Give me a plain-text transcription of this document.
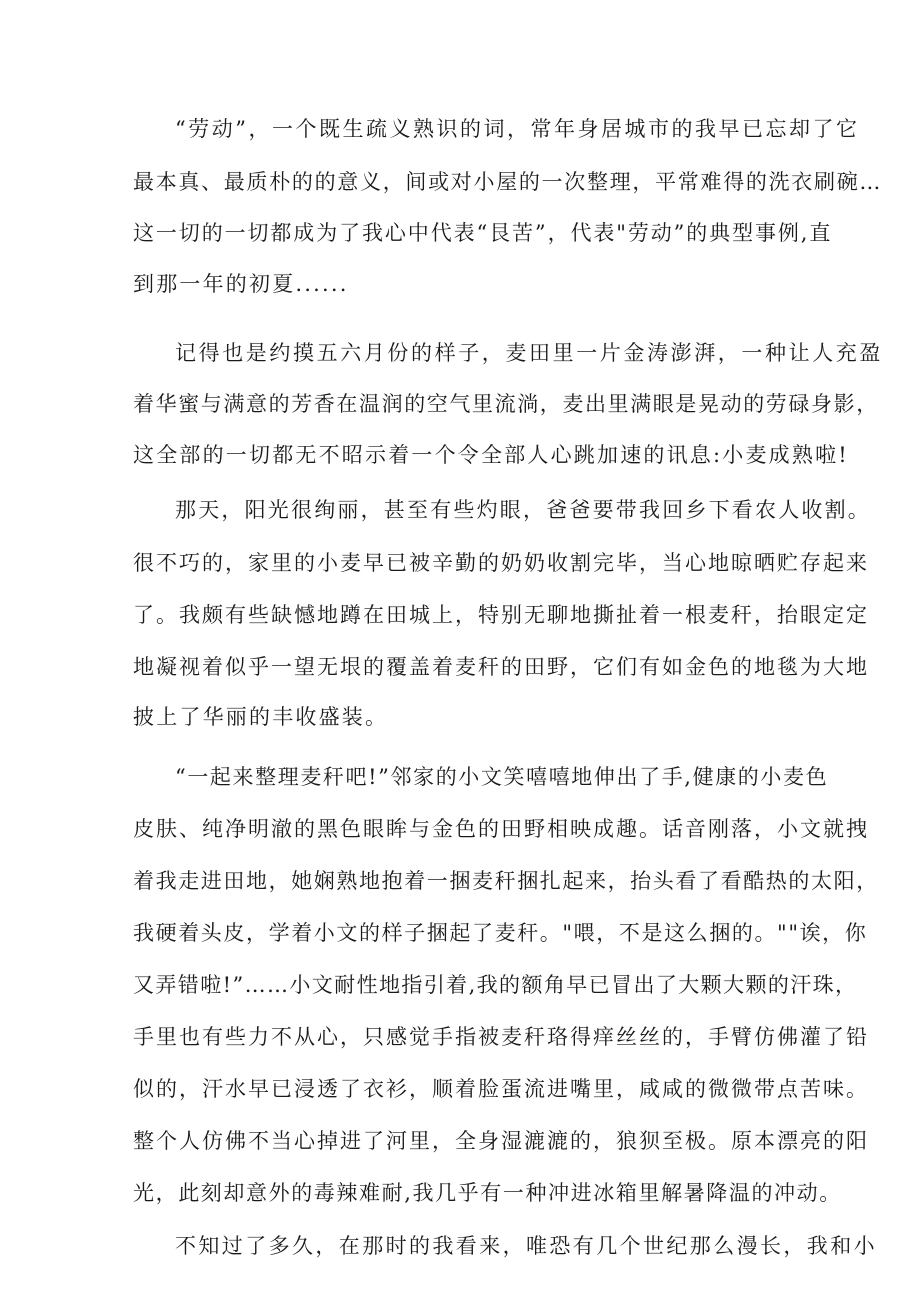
“劳动”，一个既生疏义熟识的词，常年身居城市的我早已忘却了它
最本真、最质朴的的意义，间或对小屋的一次整理，平常难得的洗衣刷碗…
这一切的一切都成为了我心中代表“艮苦”，代表"劳动”的典型事例,直
到那一年的初夏......
记得也是约摸五六月份的样子，麦田里一片金涛澎湃，一种让人充盈
着华蜜与满意的芳香在温润的空气里流淌，麦出里满眼是晃动的劳碌身影，
这全部的一切都无不昭示着一个令全部人心跳加速的讯息:小麦成熟啦!
那天，阳光很绚丽，甚至有些灼眼，爸爸要带我回乡下看农人收割。
很不巧的，家里的小麦早已被辛勤的奶奶收割完毕，当心地晾晒贮存起来
了。我颇有些缺憾地蹲在田城上，特别无聊地撕扯着一根麦秆，抬眼定定
地凝视着似乎一望无垠的覆盖着麦秆的田野，它们有如金色的地毯为大地
披上了华丽的丰收盛装。
“一起来整理麦秆吧!”邻家的小文笑嘻嘻地伸出了手,健康的小麦色
皮肤、纯净明澈的黑色眼眸与金色的田野相映成趣。话音刚落，小文就拽
着我走进田地，她娴熟地抱着一捆麦秆捆扎起来，抬头看了看酷热的太阳，
我硬着头皮，学着小文的样子捆起了麦秆。"喂，不是这么捆的。""诶，你
又弄错啦!”……小文耐性地指引着,我的额角早已冒出了大颗大颗的汗珠，
手里也有些力不从心，只感觉手指被麦秆珞得痒丝丝的，手臂仿佛灌了铅
似的，汗水早已浸透了衣衫，顺着脸蛋流进嘴里，咸咸的微微带点苦味。
整个人仿佛不当心掉进了河里，全身湿漉漉的，狼狈至极。原本漂亮的阳
光，此刻却意外的毒辣难耐,我几乎有一种冲进冰箱里解暑降温的冲动。
不知过了多久，在那时的我看来，唯恐有几个世纪那么漫长，我和小
